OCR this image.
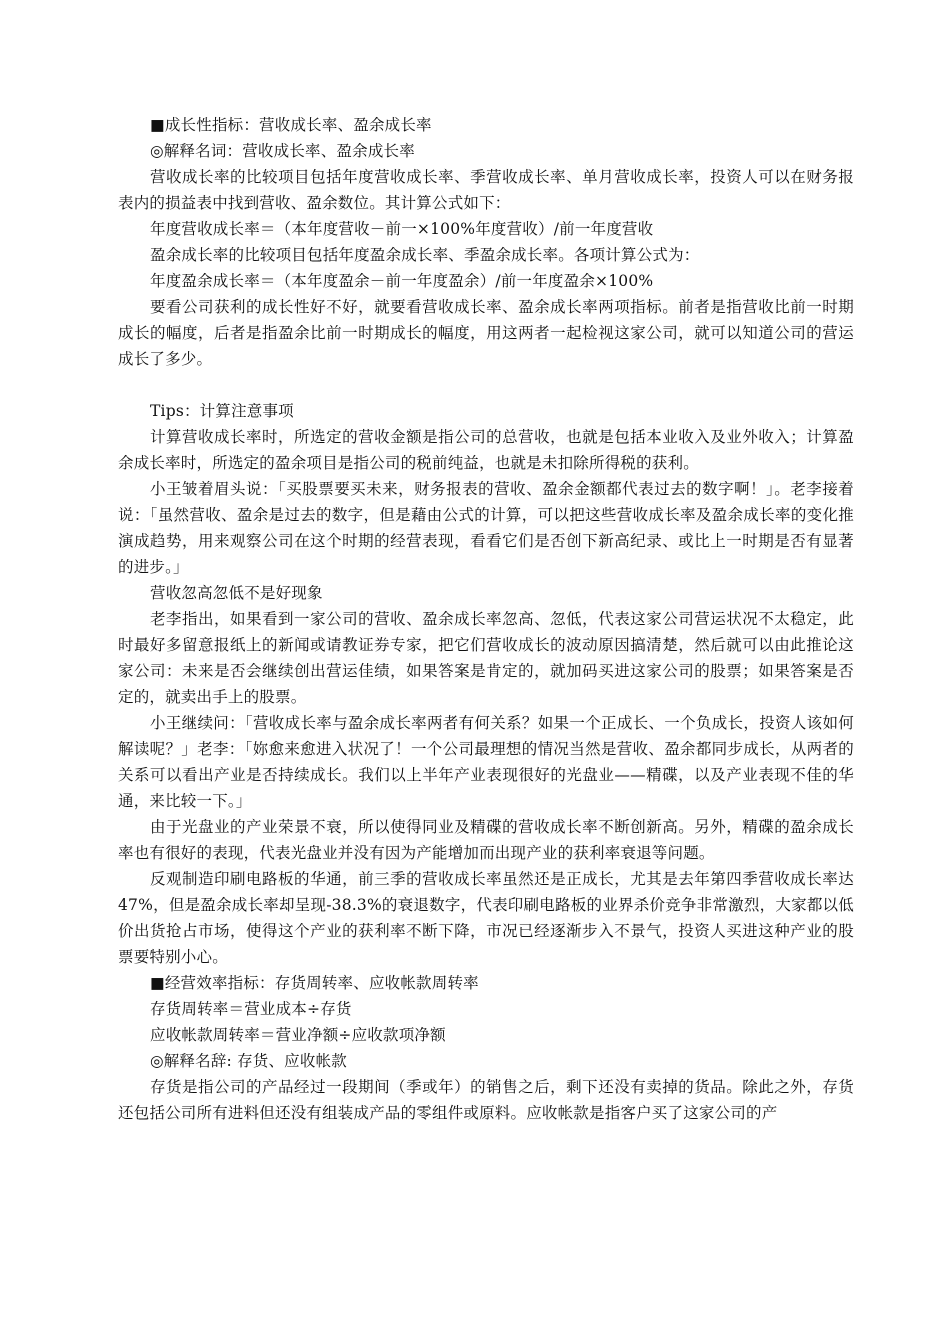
■成长性指标：营收成长率、盈余成长率

◎解释名词：营收成长率、盈余成长率

营收成长率的比较项目包括年度营收成长率、季营收成长率、单月营收成长率，投资人可以在财务报表内的损益表中找到营收、盈余数位。其计算公式如下：

年度营收成长率＝（本年度营收－前一×100%年度营收）/前一年度营收

盈余成长率的比较项目包括年度盈余成长率、季盈余成长率。各项计算公式为：

年度盈余成长率＝（本年度盈余－前一年度盈余）/前一年度盈余×100%

要看公司获利的成长性好不好，就要看营收成长率、盈余成长率两项指标。前者是指营收比前一时期成长的幅度，后者是指盈余比前一时期成长的幅度，用这两者一起检视这家公司，就可以知道公司的营运成长了多少。

Tips：计算注意事项

计算营收成长率时，所选定的营收金额是指公司的总营收，也就是包括本业收入及业外收入；计算盈余成长率时，所选定的盈余项目是指公司的税前纯益，也就是未扣除所得税的获利。

小王皱着眉头说：「买股票要买未来，财务报表的营收、盈余金额都代表过去的数字啊！」。老李接着说：「虽然营收、盈余是过去的数字，但是藉由公式的计算，可以把这些营收成长率及盈余成长率的变化推演成趋势，用来观察公司在这个时期的经营表现，看看它们是否创下新高纪录、或比上一时期是否有显著的进步。」

营收忽高忽低不是好现象

老李指出，如果看到一家公司的营收、盈余成长率忽高、忽低，代表这家公司营运状况不太稳定，此时最好多留意报纸上的新闻或请教证券专家，把它们营收成长的波动原因搞清楚，然后就可以由此推论这家公司：未来是否会继续创出营运佳绩，如果答案是肯定的，就加码买进这家公司的股票；如果答案是否定的，就卖出手上的股票。

小王继续问：「营收成长率与盈余成长率两者有何关系？如果一个正成长、一个负成长，投资人该如何解读呢？」老李：「妳愈来愈进入状况了！一个公司最理想的情况当然是营收、盈余都同步成长，从两者的关系可以看出产业是否持续成长。我们以上半年产业表现很好的光盘业——精碟，以及产业表现不佳的华通，来比较一下。」

由于光盘业的产业荣景不衰，所以使得同业及精碟的营收成长率不断创新高。另外，精碟的盈余成长率也有很好的表现，代表光盘业并没有因为产能增加而出现产业的获利率衰退等问题。

反观制造印刷电路板的华通，前三季的营收成长率虽然还是正成长，尤其是去年第四季营收成长率达 47%，但是盈余成长率却呈现-38.3%的衰退数字，代表印刷电路板的业界杀价竞争非常激烈，大家都以低价出货抢占市场，使得这个产业的获利率不断下降，市况已经逐渐步入不景气，投资人买进这种产业的股票要特别小心。

■经营效率指标：存货周转率、应收帐款周转率

存货周转率＝营业成本÷存货

应收帐款周转率＝营业净额÷应收款项净额

◎解释名辞: 存货、应收帐款

存货是指公司的产品经过一段期间（季或年）的销售之后，剩下还没有卖掉的货品。除此之外，存货还包括公司所有进料但还没有组装成产品的零组件或原料。应收帐款是指客户买了这家公司的产
